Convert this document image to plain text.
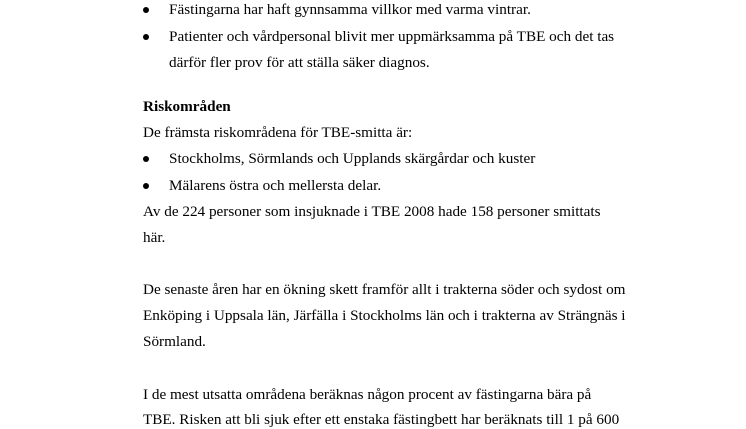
Fästingarna har haft gynnsamma villkor med varma vintrar.

Patienter och vårdpersonal blivit mer uppmärksamma på TBE och det tas

därför fler prov för att ställa säker diagnos.

Riskområden

De främsta riskområdena för TBE-smitta är:

Stockholms, Sörmlands och Upplands skärgårdar och kuster

Mälarens östra och mellersta delar.

Av de 224 personer som insjuknade i TBE 2008 hade 158 personer smittats

här.

De senaste åren har en ökning skett framför allt i trakterna söder och sydost om

Enköping i Uppsala län, Järfälla i Stockholms län och i trakterna av Strängnäs i

Sörmland.

I de mest utsatta områdena beräknas någon procent av fästingarna bära på

TBE. Risken att bli sjuk efter ett enstaka fästingbett har beräknats till 1 på 600
